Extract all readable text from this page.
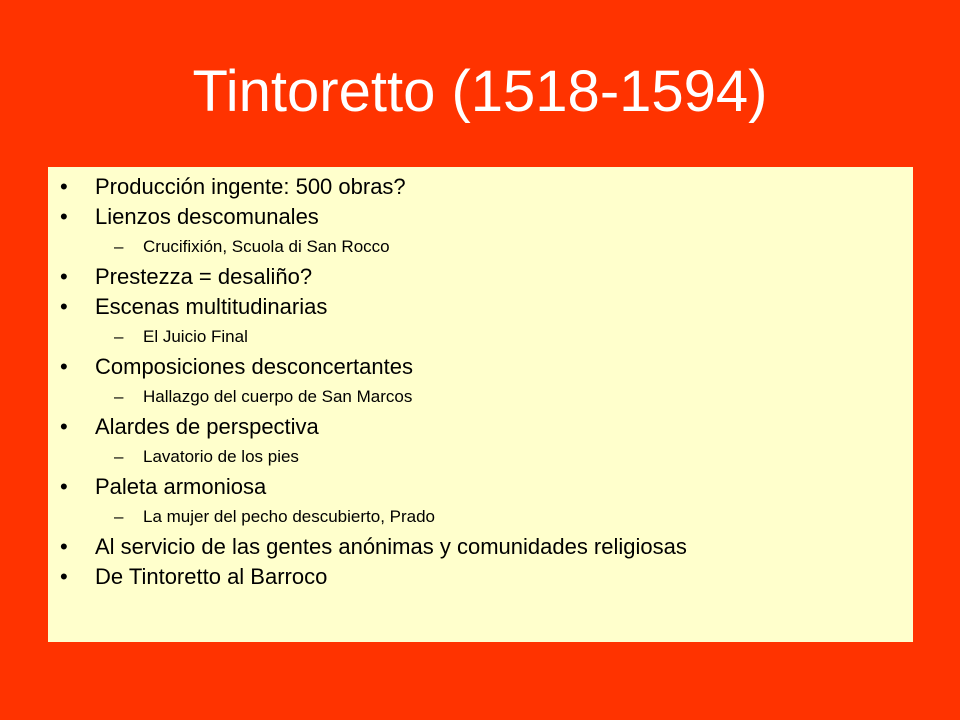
Tintoretto (1518-1594)
• Producción ingente: 500 obras?
• Lienzos descomunales
– Crucifixión, Scuola di San Rocco
• Prestezza = desaliño?
• Escenas multitudinarias
– El Juicio Final
• Composiciones desconcertantes
– Hallazgo del cuerpo de San Marcos
• Alardes de perspectiva
– Lavatorio de los pies
• Paleta armoniosa
– La mujer del pecho descubierto, Prado
• Al servicio de las gentes anónimas y comunidades religiosas
• De Tintoretto al Barroco
